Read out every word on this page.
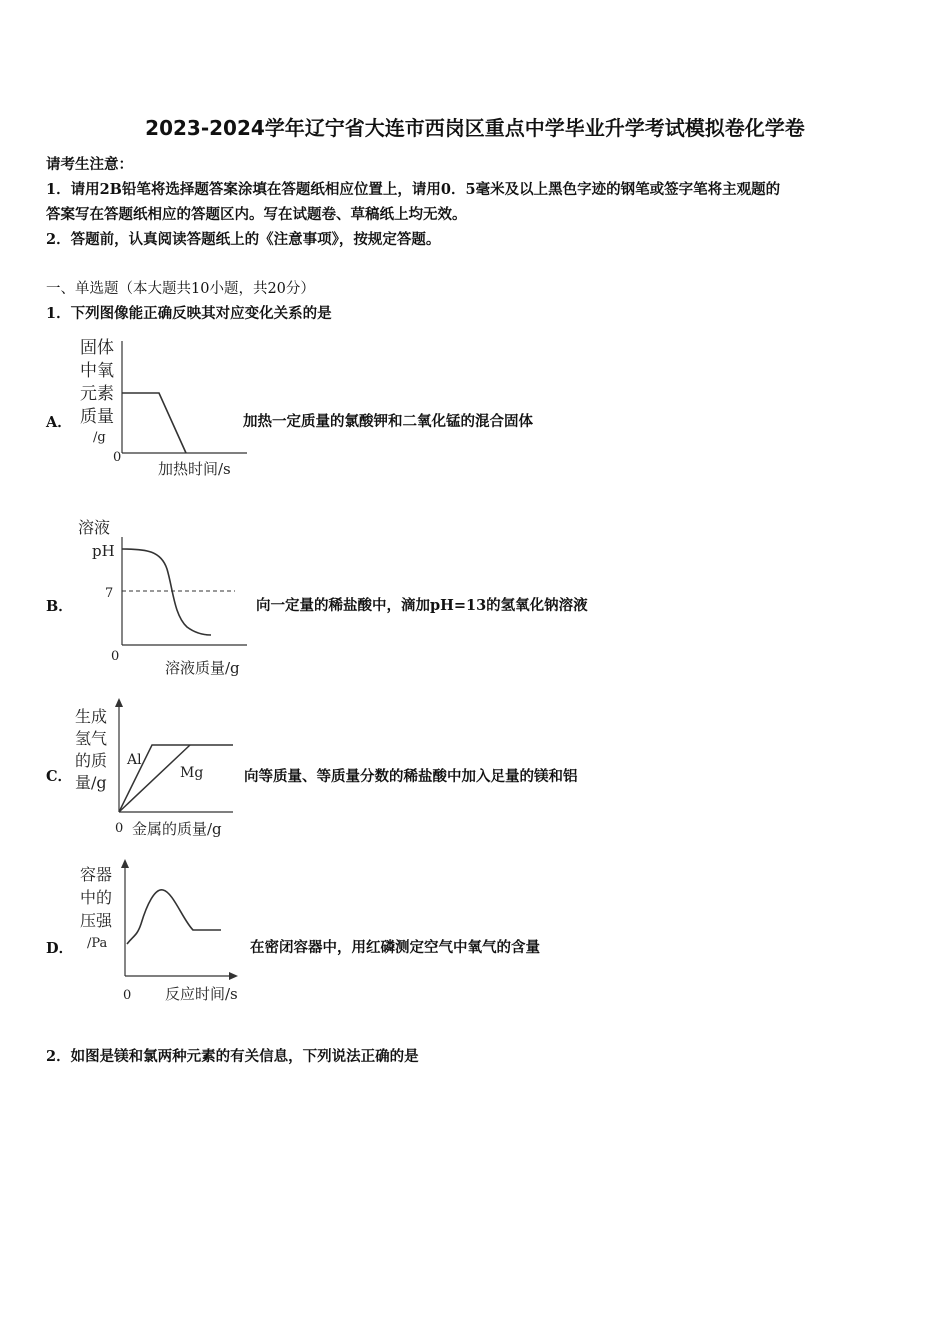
2023-2024学年辽宁省大连市西岗区重点中学毕业升学考试模拟卷化学卷
请考生注意：
1．请用2B铅笔将选择题答案涂填在答题纸相应位置上，请用0．5毫米及以上黑色字迹的钢笔或签字笔将主观题的
答案写在答题纸相应的答题区内。写在试题卷、草稿纸上均无效。
2．答题前，认真阅读答题纸上的《注意事项》，按规定答题。
一、单选题（本大题共10小题，共20分）
1．下列图像能正确反映其对应变化关系的是
A．
固体
中氧
元素
质量
/g
0
加热时间/s
加热一定质量的氯酸钾和二氧化锰的混合固体
B．
溶液
pH
7
0
溶液质量/g
向一定量的稀盐酸中，滴加pH=13的氢氧化钠溶液
C．
生成
氢气
的质
量/g
Al
Mg
0 金属的质量/g
向等质量、等质量分数的稀盐酸中加入足量的镁和铝
D．
容器
中的
压强
/Pa
0 反应时间/s
在密闭容器中，用红磷测定空气中氧气的含量
2．如图是镁和氯两种元素的有关信息，下列说法正确的是
